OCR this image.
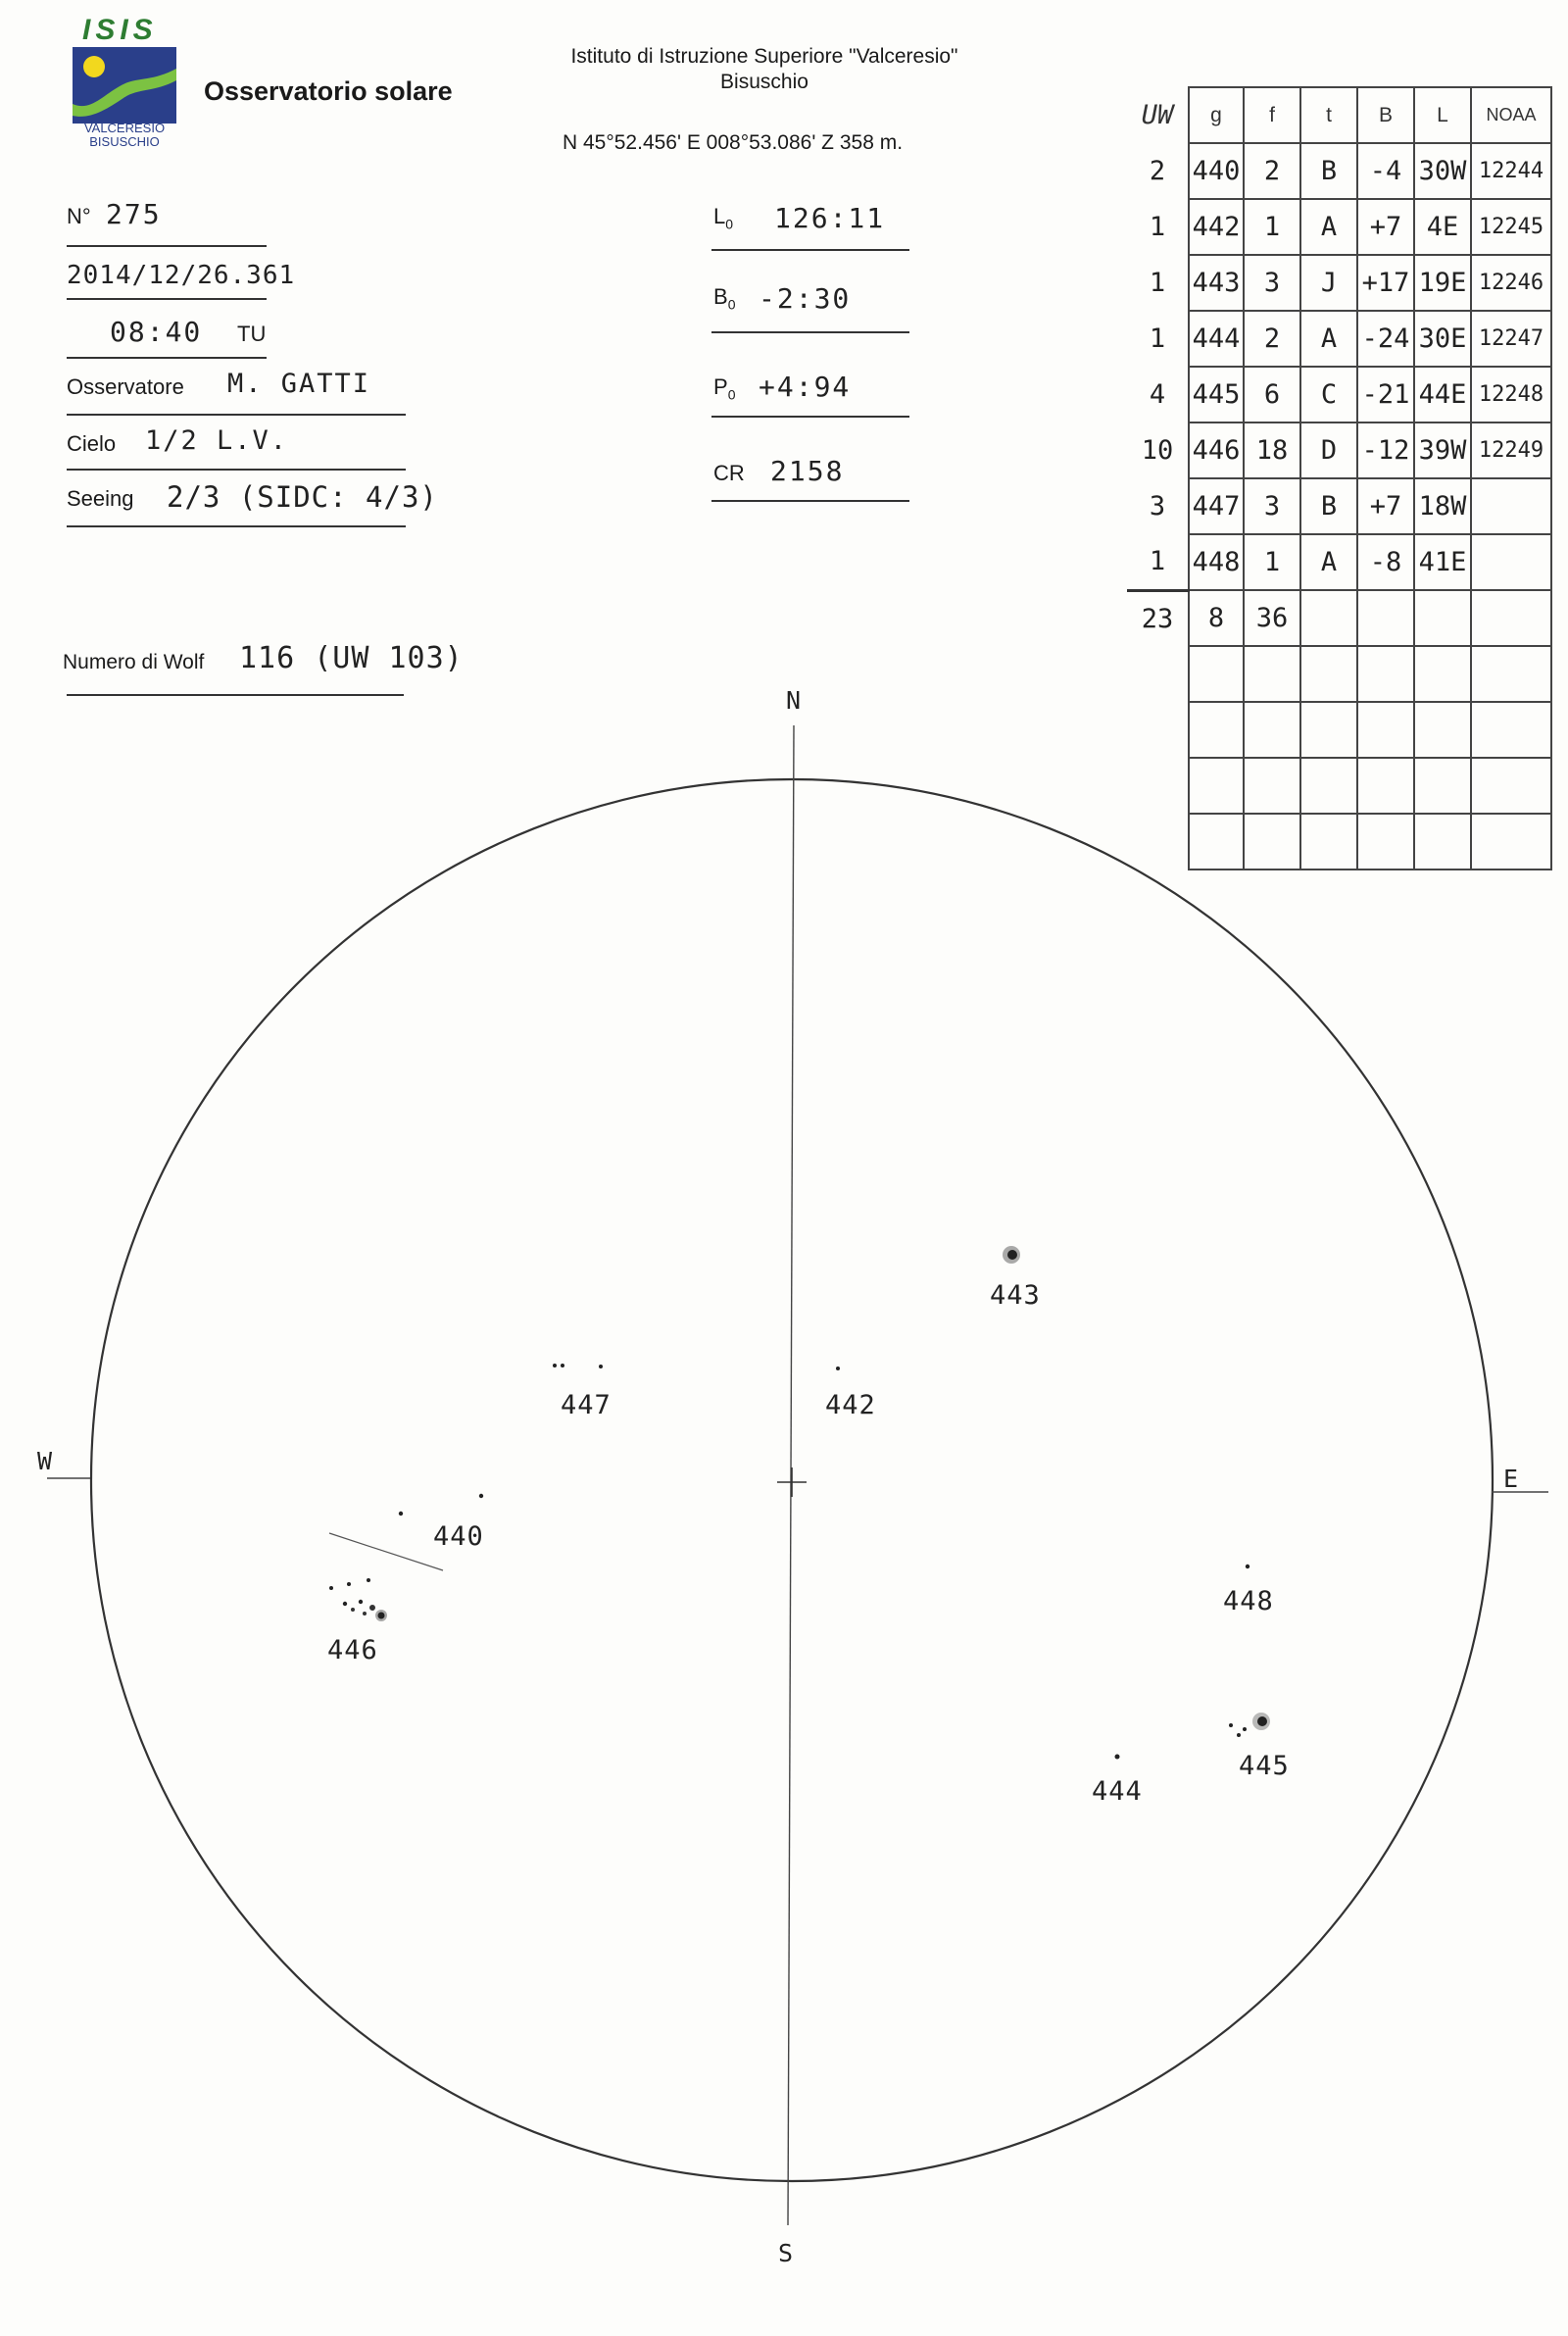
ISIS
VALCERESIO
BISUSCHIO
Osservatorio solare
Istituto di Istruzione Superiore "Valceresio"
Bisuschio
N 45°52.456' E 008°53.086' Z 358 m.
N° 275
2014/12/26.361
08:40 TU
Osservatore M. GATTI
Cielo 1/2 L.V.
Seeing 2/3 (SIDC: 4/3)
Numero di Wolf 116 (UW 103)
$L_0$ 126:11
$B_0$ -2:30
$P_0$ +4:94
CR 2158
UW	g	f	t	B	L	NOAA
2	440	2	B	-4	30W	12244
1	442	1	A	+7	4E	12245
1	443	3	J	+17	19E	12246
1	444	2	A	-24	30E	12247
4	445	6	C	-21	44E	12248
10	446	18	D	-12	39W	12249
3	447	3	B	+7	18W	
1	448	1	A	-8	41E	
23	8	36				

N
S
W
E
443
447	442
440
446
448
444
445
